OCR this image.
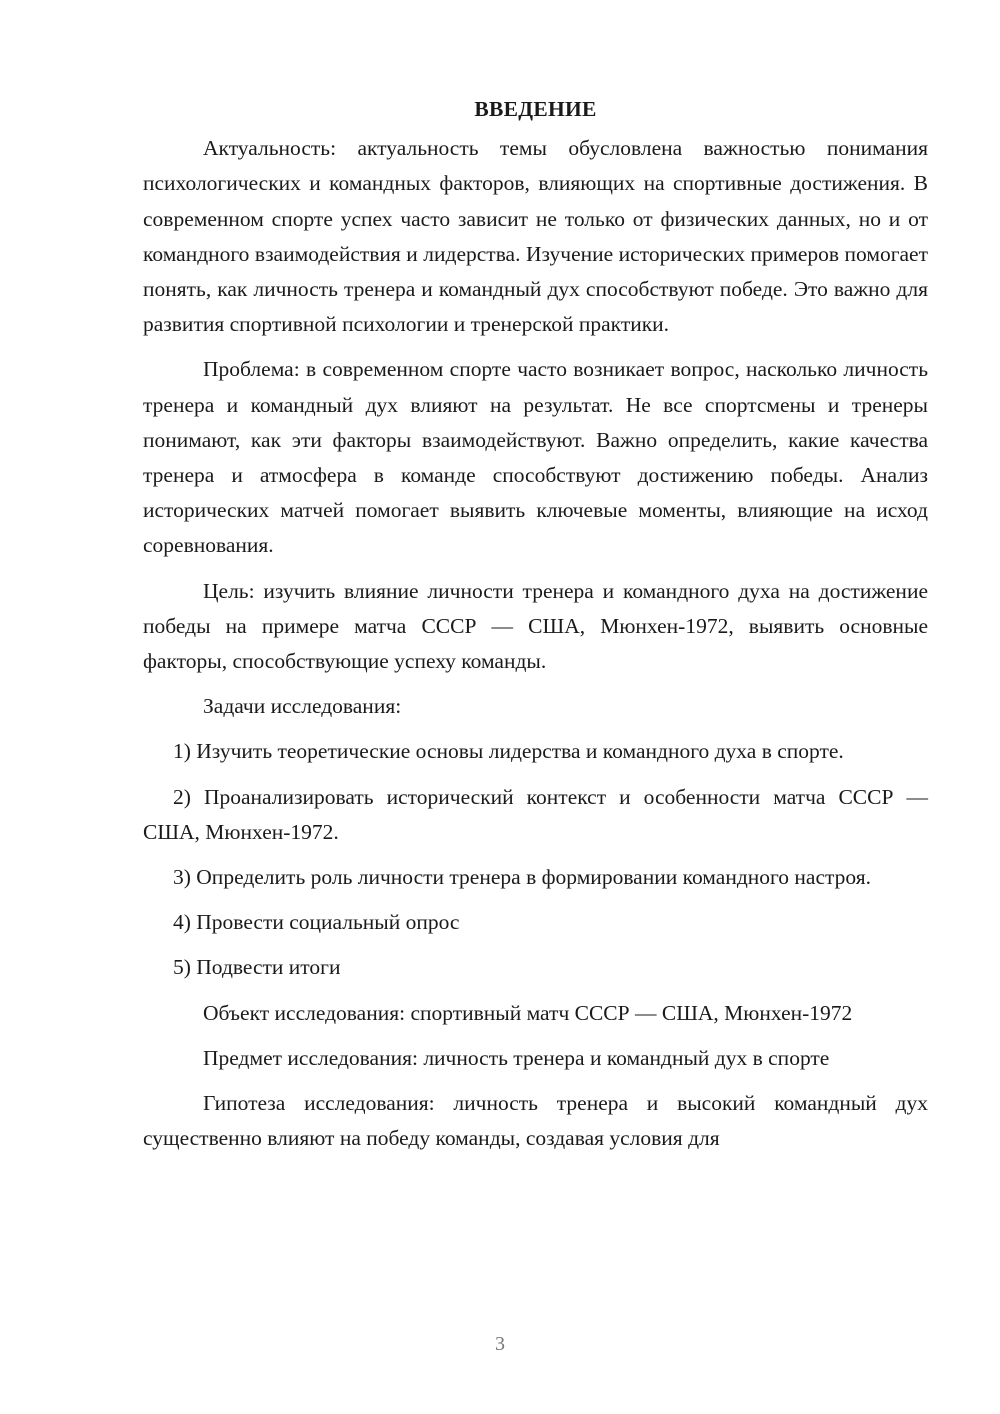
ВВЕДЕНИЕ

Актуальность: актуальность темы обусловлена важностью понимания психологических и командных факторов, влияющих на спортивные достижения. В современном спорте успех часто зависит не только от физических данных, но и от командного взаимодействия и лидерства. Изучение исторических примеров помогает понять, как личность тренера и командный дух способствуют победе. Это важно для развития спортивной психологии и тренерской практики.

Проблема: в современном спорте часто возникает вопрос, насколько личность тренера и командный дух влияют на результат. Не все спортсмены и тренеры понимают, как эти факторы взаимодействуют. Важно определить, какие качества тренера и атмосфера в команде способствуют достижению победы. Анализ исторических матчей помогает выявить ключевые моменты, влияющие на исход соревнования.

Цель: изучить влияние личности тренера и командного духа на достижение победы на примере матча СССР — США, Мюнхен-1972, выявить основные факторы, способствующие успеху команды.

Задачи исследования:

1) Изучить теоретические основы лидерства и командного духа в спорте.

2) Проанализировать исторический контекст и особенности матча СССР — США, Мюнхен-1972.

3) Определить роль личности тренера в формировании командного настроя.

4) Провести социальный опрос

5) Подвести итоги

Объект исследования: спортивный матч СССР — США, Мюнхен-1972

Предмет исследования: личность тренера и командный дух в спорте

Гипотеза исследования: личность тренера и высокий командный дух существенно влияют на победу команды, создавая условия для

3
